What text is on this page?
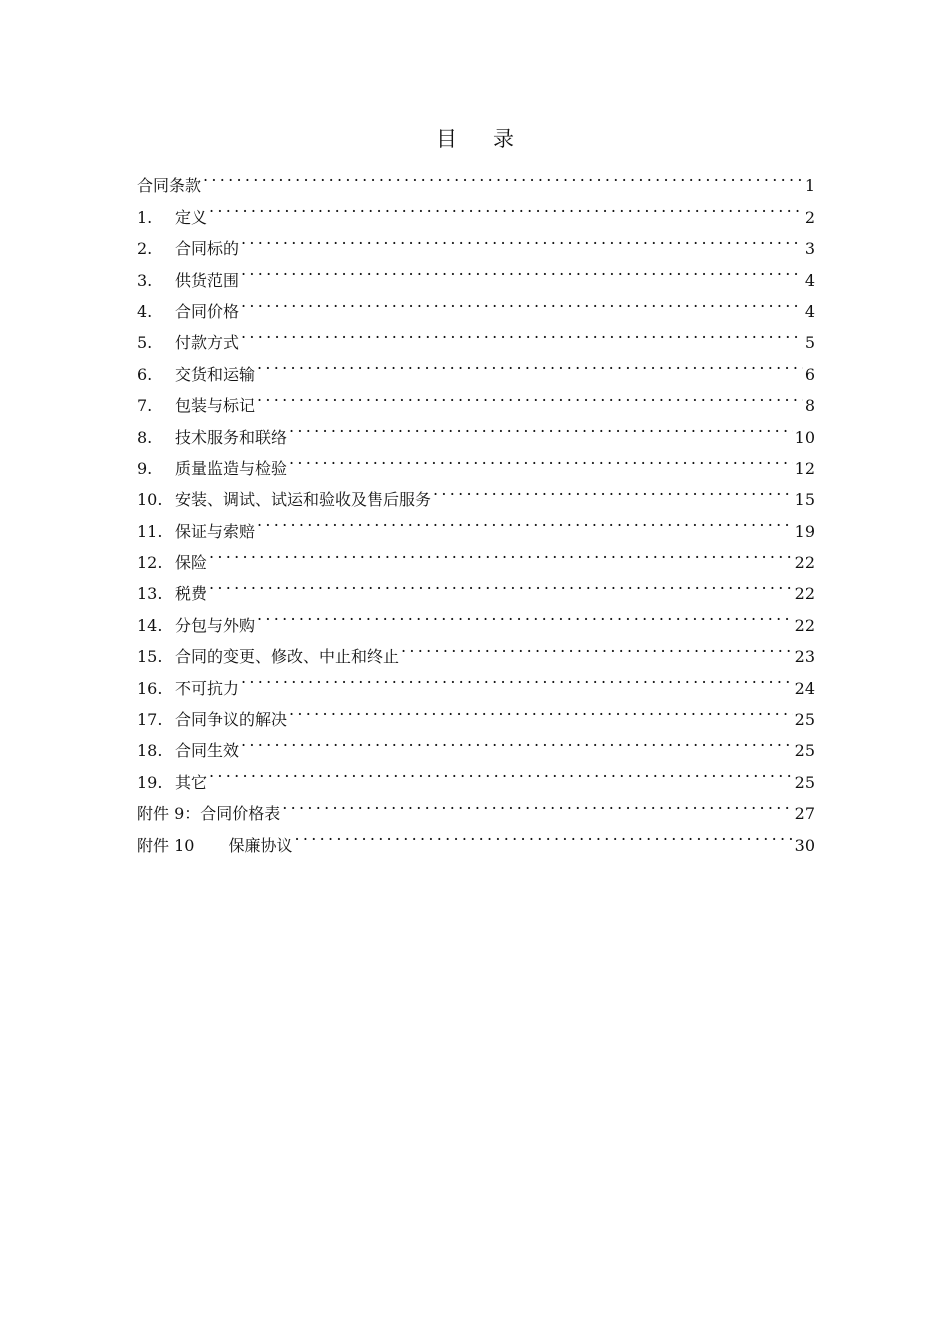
目录
合同条款 . . .	1
1.	定义 . . .	2
2.	合同标的 . . .	3
3.	供货范围 . . .	4
4.	合同价格 . . .	4
5.	付款方式 . . .	5
6.	交货和运输 . . .	6
7.	包装与标记 . . .	8
8.	技术服务和联络 . . .	10
9.	质量监造与检验 . . .	12
10. 安装、调试、试运和验收及售后服务 . . .	15
11. 保证与索赔 . . .	19
12. 保险 . . .	22
13. 税费 . . .	22
14. 分包与外购 . . .	22
15. 合同的变更、修改、中止和终止 . . .	23
16. 不可抗力 . . .	24
17. 合同争议的解决 . . .	25
18. 合同生效 . . .	25
19. 其它 . . .	25
附件 9：合同价格表 . . .	27
附件 10 保廉协议 . . .	30
